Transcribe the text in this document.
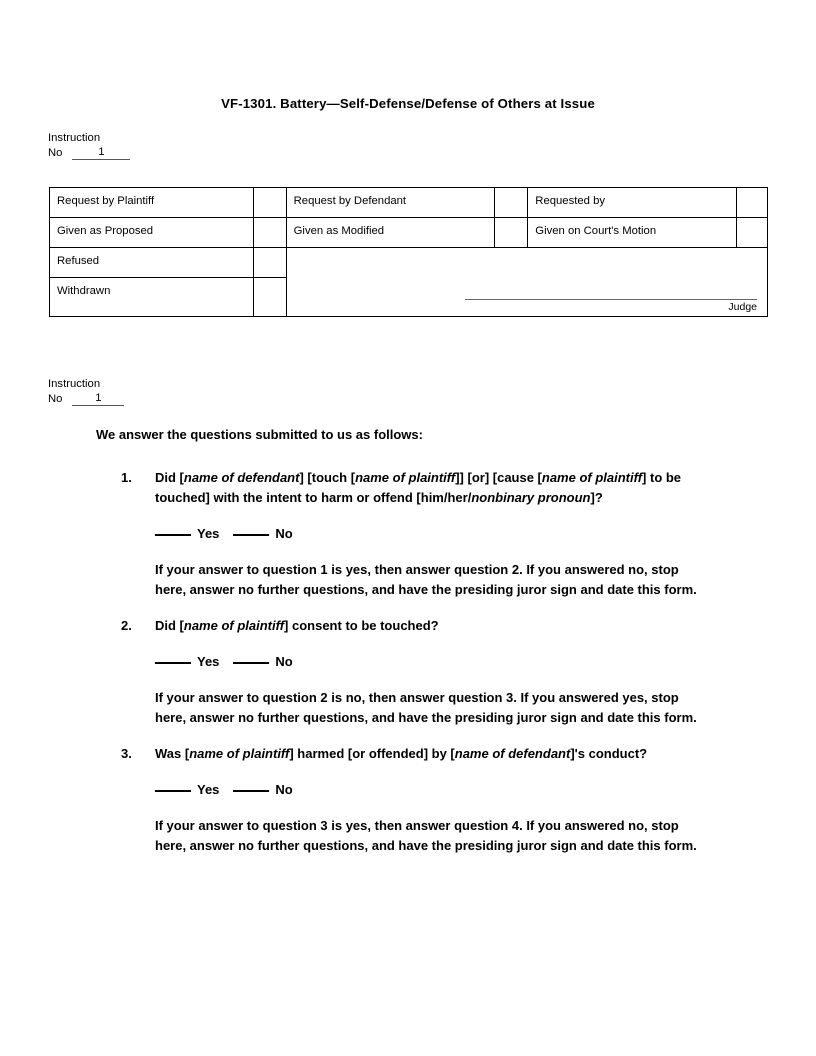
VF-1301. Battery—Self-Defense/Defense of Others at Issue
Instruction
No	1
Request by Plaintiff		Request by Defendant		Requested by	
Given as Proposed		Given as Modified		Given on Court's Motion	
Refused		Judge			

Withdrawn					
Instruction
No	1
We answer the questions submitted to us as follows:
1. Did [name of defendant] [touch [name of plaintiff]] [or] [cause [name of plaintiff] to be touched] with the intent to harm or offend [him/her/nonbinary pronoun]?
Yes	No
If your answer to question 1 is yes, then answer question 2. If you answered no, stop here, answer no further questions, and have the presiding juror sign and date this form.
2. Did [name of plaintiff] consent to be touched?
Yes	No
If your answer to question 2 is no, then answer question 3. If you answered yes, stop here, answer no further questions, and have the presiding juror sign and date this form.
3. Was [name of plaintiff] harmed [or offended] by [name of defendant]'s conduct?
Yes	No
If your answer to question 3 is yes, then answer question 4. If you answered no, stop here, answer no further questions, and have the presiding juror sign and date this form.
